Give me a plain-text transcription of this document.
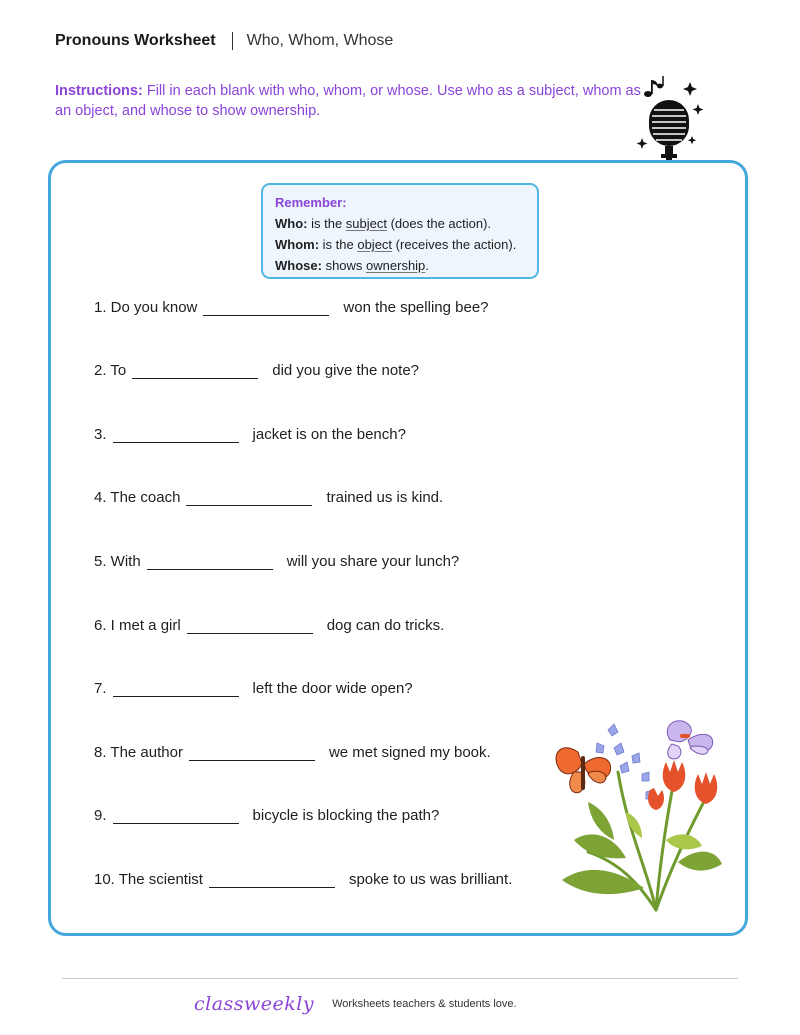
Pronouns Worksheet Who, Whom, Whose
Instructions: Fill in each blank with who, whom, or whose. Use who as a subject, whom as
an object, and whose to show ownership.
Remember:
Who: is the subject (does the action).
Whom: is the object (receives the action).
Whose: shows ownership.
1. Do you know	won the spelling bee?
2. To	did you give the note?
3.	jacket is on the bench?
4. The coach	trained us is kind.
5. With	will you share your lunch?
6. I met a girl	dog can do tricks.
7.	left the door wide open?
8. The author	we met signed my book.
9.	bicycle is blocking the path?
10. The scientist	spoke to us was brilliant.
classweekly Worksheets teachers & students love.
